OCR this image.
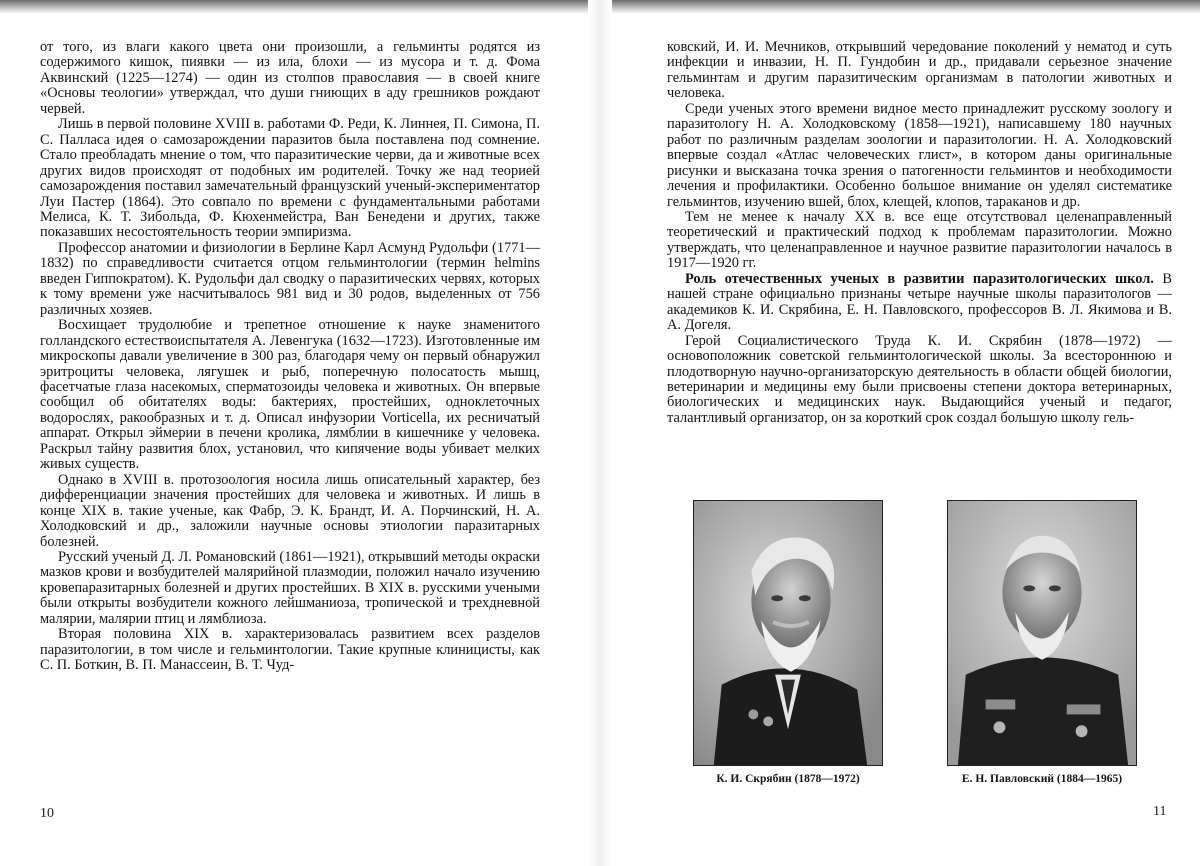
от того, из влаги какого цвета они произошли, а гельминты родятся из содержимого кишок, пиявки — из ила, блохи — из мусора и т. д. Фома Аквинский (1225—1274) — один из столпов православия — в своей книге «Основы теологии» утверждал, что души гниющих в аду грешников рождают червей.

Лишь в первой половине XVIII в. работами Ф. Реди, К. Линнея, П. Симона, П. С. Палласа идея о самозарождении паразитов была поставлена под сомнение. Стало преобладать мнение о том, что паразитические черви, да и животные всех других видов происходят от подобных им родителей. Точку же над теорией самозарождения поставил замечательный французский ученый-экспериментатор Луи Пастер (1864). Это совпало по времени с фундаментальными работами Мелиса, К. Т. Зибольда, Ф. Кюхенмейстра, Ван Бенедени и других, также показавших несостоятельность теории эмпиризма.

Профессор анатомии и физиологии в Берлине Карл Асмунд Рудольфи (1771—1832) по справедливости считается отцом гельминтологии (термин helmins введен Гиппократом). К. Рудольфи дал сводку о паразитических червях, которых к тому времени уже насчитывалось 981 вид и 30 родов, выделенных от 756 различных хозяев.

Восхищает трудолюбие и трепетное отношение к науке знаменитого голландского естествоиспытателя А. Левенгука (1632—1723). Изготовленные им микроскопы давали увеличение в 300 раз, благодаря чему он первый обнаружил эритроциты человека, лягушек и рыб, поперечную полосатость мышц, фасетчатые глаза насекомых, сперматозоиды человека и животных. Он впервые сообщил об обитателях воды: бактериях, простейших, одноклеточных водорослях, ракообразных и т. д. Описал инфузории Vorticella, их ресничатый аппарат. Открыл эймерии в печени кролика, лямблии в кишечнике у человека. Раскрыл тайну развития блох, установил, что кипячение воды убивает мелких живых существ.

Однако в XVIII в. протозоология носила лишь описательный характер, без дифференциации значения простейших для человека и животных. И лишь в конце XIX в. такие ученые, как Фабр, Э. К. Брандт, И. А. Порчинский, Н. А. Холодковский и др., заложили научные основы этиологии паразитарных болезней.

Русский ученый Д. Л. Романовский (1861—1921), открывший методы окраски мазков крови и возбудителей малярийной плазмодии, положил начало изучению кровепаразитарных болезней и других простейших. В XIX в. русскими учеными были открыты возбудители кожного лейшманиоза, тропической и трехдневной малярии, малярии птиц и лямблиоза.

Вторая половина XIX в. характеризовалась развитием всех разделов паразитологии, в том числе и гельминтологии. Такие крупные клиницисты, как С. П. Боткин, В. П. Манассеин, В. Т. Чуд-

10

ковский, И. И. Мечников, открывший чередование поколений у нематод и суть инфекции и инвазии, Н. П. Гундобин и др., придавали серьезное значение гельминтам и другим паразитическим организмам в патологии животных и человека.

Среди ученых этого времени видное место принадлежит русскому зоологу и паразитологу Н. А. Холодковскому (1858—1921), написавшему 180 научных работ по различным разделам зоологии и паразитологии. Н. А. Холодковский впервые создал «Атлас человеческих глист», в котором даны оригинальные рисунки и высказана точка зрения о патогенности гельминтов и необходимости лечения и профилактики. Особенно большое внимание он уделял систематике гельминтов, изучению вшей, блох, клещей, клопов, тараканов и др.

Тем не менее к началу XX в. все еще отсутствовал целенаправленный теоретический и практический подход к проблемам паразитологии. Можно утверждать, что целенаправленное и научное развитие паразитологии началось в 1917—1920 гг.

Роль отечественных ученых в развитии паразитологических школ. В нашей стране официально признаны четыре научные школы паразитологов — академиков К. И. Скрябина, Е. Н. Павловского, профессоров В. Л. Якимова и В. А. Догеля.

Герой Социалистического Труда К. И. Скрябин (1878—1972) — основоположник советской гельминтологической школы. За всестороннюю и плодотворную научно-организаторскую деятельность в области общей биологии, ветеринарии и медицины ему были присвоены степени доктора ветеринарных, биологических и медицинских наук. Выдающийся ученый и педагог, талантливый организатор, он за короткий срок создал большую школу гель-

К. И. Скрябин (1878—1972)	Е. Н. Павловский (1884—1965)
11
